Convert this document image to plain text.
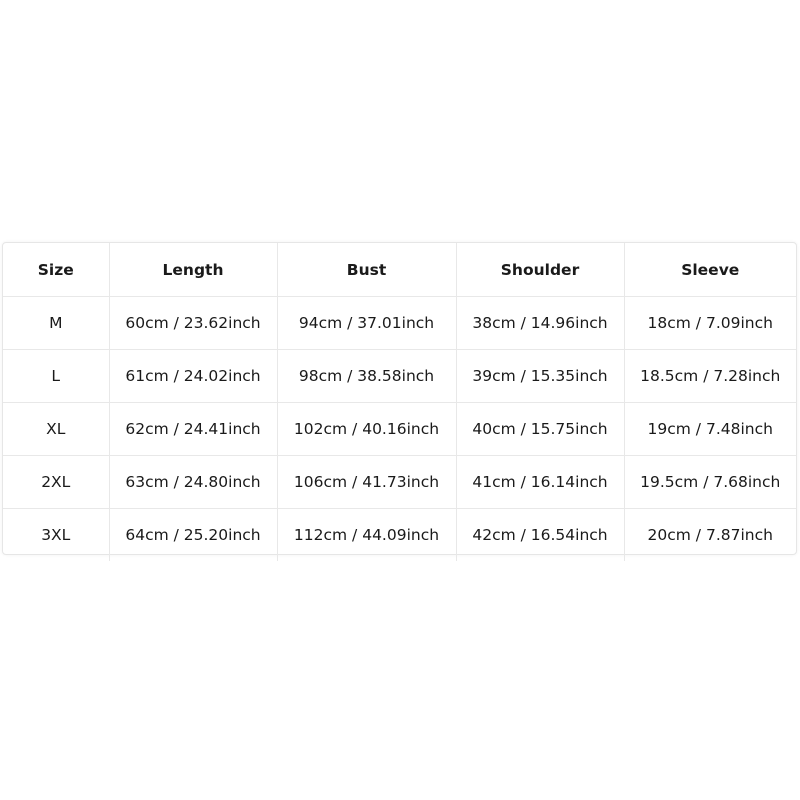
Size	Length	Bust	Shoulder	Sleeve
M	60cm / 23.62inch	94cm / 37.01inch	38cm / 14.96inch	18cm / 7.09inch
L	61cm / 24.02inch	98cm / 38.58inch	39cm / 15.35inch	18.5cm / 7.28inch
XL	62cm / 24.41inch	102cm / 40.16inch	40cm / 15.75inch	19cm / 7.48inch
2XL	63cm / 24.80inch	106cm / 41.73inch	41cm / 16.14inch	19.5cm / 7.68inch
3XL	64cm / 25.20inch	112cm / 44.09inch	42cm / 16.54inch	20cm / 7.87inch
